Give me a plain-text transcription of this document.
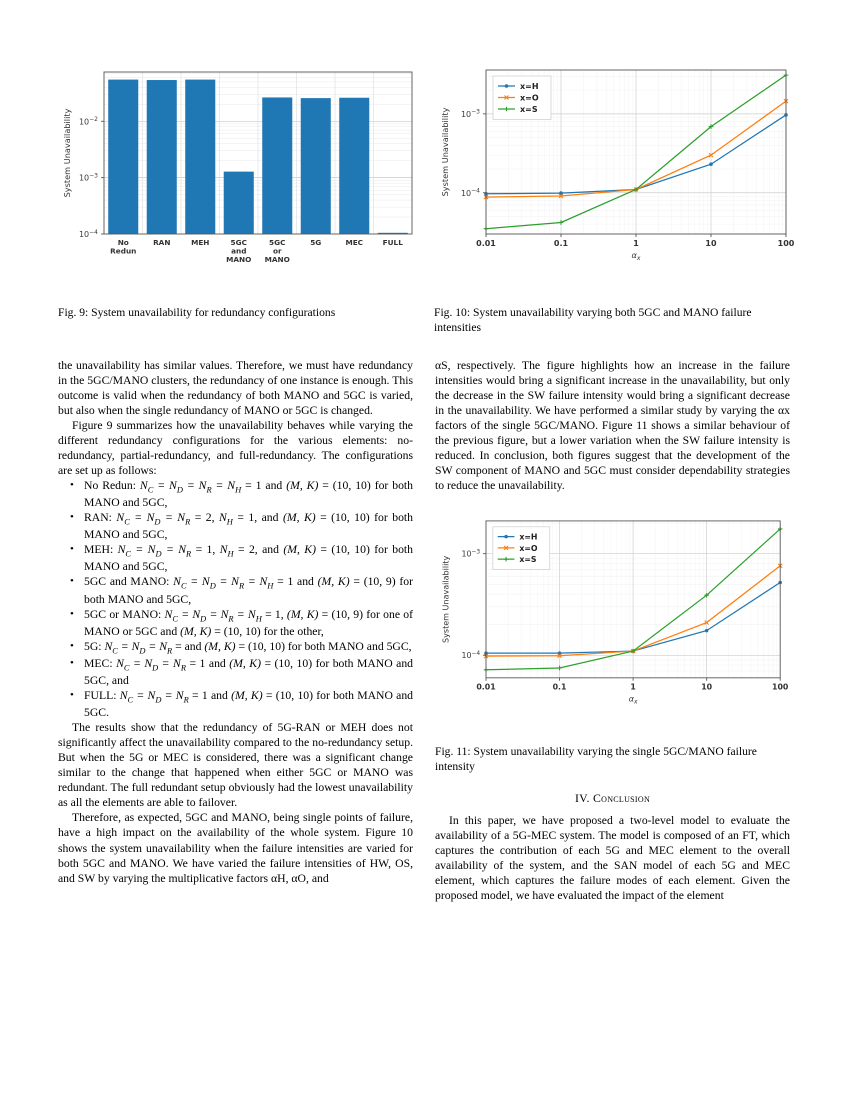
$10^{-2}$
$10^{-3}$
$10^{-4}$
No
Redun
RAN	MEH	5GC
and
MANO
5GC
or
MANO
5G	MEC	FULL
System Unavailability
Fig. 9: System unavailability for redundancy configurations
$10^{-3}$
$10^{-4}$
0.01	0.1	1	10	100
$\alpha_x$
System Unavailability
x=H
x=O
x=S
Fig. 10: System unavailability varying both 5GC and MANO failure intensities

the unavailability has similar values. Therefore, we must have redundancy in the 5GC/MANO clusters, the redundancy of one instance is enough. This outcome is valid when the redundancy of both MANO and 5GC is varied, but also when the single redundancy of MANO or 5GC is changed.

Figure 9 summarizes how the unavailability behaves while varying the different redundancy configurations for the various elements: no-redundancy, partial-redundancy, and full-redundancy. The configurations are set up as follows:

• No Redun: $N_C = N_D = N_R = N_H = 1$ and (M, K) = (10, 10) for both MANO and 5GC,
• RAN: $N_C = N_D = N_R = 2$, $N_H = 1$, and (M, K) = (10, 10) for both MANO and 5GC,
• MEH: $N_C = N_D = N_R = 1$, $N_H = 2$, and (M, K) = (10, 10) for both MANO and 5GC,
• 5GC and MANO: $N_C = N_D = N_R = N_H = 1$ and (M, K) = (10, 9) for both MANO and 5GC,
• 5GC or MANO: $N_C = N_D = N_R = N_H = 1$, (M, K) = (10, 9) for one of MANO or 5GC and (M, K) = (10, 10) for the other,
• 5G: $N_C = N_D = N_R$ = and (M, K) = (10, 10) for both MANO and 5GC,
• MEC: $N_C = N_D = N_R = 1$ and (M, K) = (10, 10) for both MANO and 5GC, and
• FULL: $N_C = N_D = N_R = 1$ and (M, K) = (10, 10) for both MANO and 5GC.

The results show that the redundancy of 5G-RAN or MEH does not significantly affect the unavailability compared to the no-redundancy setup. But when the 5G or MEC is considered, there was a significant change similar to the change that happened when either 5GC or MANO was redundant. The full redundant setup obviously had the lowest unavailability as all the elements are able to failover.

Therefore, as expected, 5GC and MANO, being single points of failure, have a high impact on the availability of the whole system. Figure 10 shows the system unavailability when the failure intensities are varied for both 5GC and MANO. We have varied the failure intensities of HW, OS, and SW by varying the multiplicative factors αH, αO, and

αS, respectively. The figure highlights how an increase in the failure intensities would bring a significant increase in the unavailability, but only the decrease in the SW failure intensity would bring a significant decrease in the unavailability. We have performed a similar study by varying the αx factors of the single 5GC/MANO. Figure 11 shows a similar behaviour of the previous figure, but a lower variation when the SW failure intensity is reduced. In conclusion, both figures suggest that the development of the SW component of MANO and 5GC must consider dependability strategies to reduce the unavailability.

$10^{-3}$
$10^{-4}$
0.01	0.1	1	10	100
$\alpha_x$
System Unavailability
x=H
x=O
x=S
Fig. 11: System unavailability varying the single 5GC/MANO failure intensity
IV. Conclusion

In this paper, we have proposed a two-level model to evaluate the availability of a 5G-MEC system. The model is composed of an FT, which captures the contribution of each 5G and MEC element to the overall availability of the system, and the SAN model of each 5G and MEC element, which captures the failure modes of each element. Given the proposed model, we have evaluated the impact of the element
